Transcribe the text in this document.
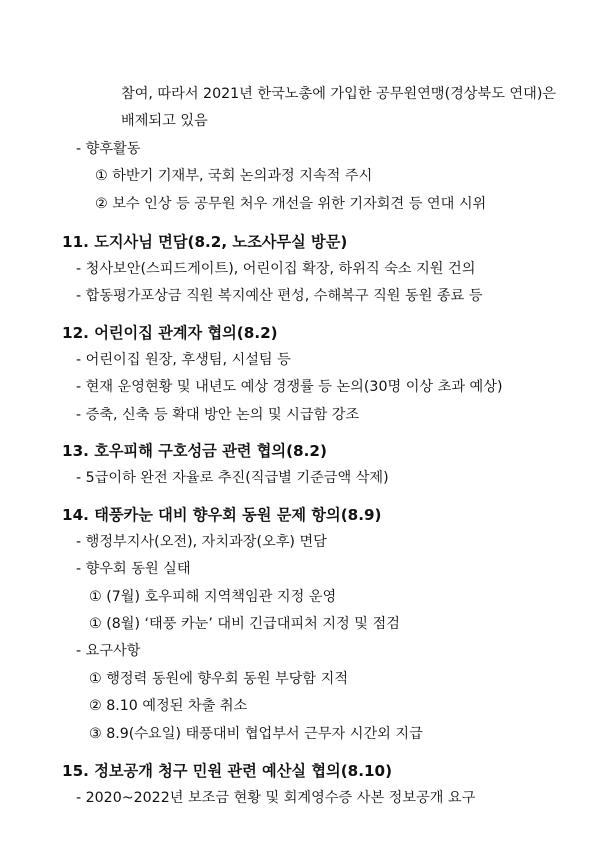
참여, 따라서 2021년 한국노총에 가입한 공무원연맹(경상북도 연대)은
배제되고 있음
- 향후활동
① 하반기 기재부, 국회 논의과정 지속적 주시
② 보수 인상 등 공무원 처우 개선을 위한 기자회견 등 연대 시위
11. 도지사님 면담(8.2, 노조사무실 방문)
- 청사보안(스피드게이트), 어린이집 확장, 하위직 숙소 지원 건의
- 합동평가포상금 직원 복지예산 편성, 수해복구 직원 동원 종료 등
12. 어린이집 관계자 협의(8.2)
- 어린이집 원장, 후생팀, 시설팀 등
- 현재 운영현황 및 내년도 예상 경쟁률 등 논의(30명 이상 초과 예상)
- 증축, 신축 등 확대 방안 논의 및 시급함 강조
13. 호우피해 구호성금 관련 협의(8.2)
- 5급이하 완전 자율로 추진(직급별 기준금액 삭제)
14. 태풍카눈 대비 향우회 동원 문제 항의(8.9)
- 행정부지사(오전), 자치과장(오후) 면담
- 향우회 동원 실태
① (7월) 호우피해 지역책임관 지정 운영
① (8월) ‘태풍 카눈’ 대비 긴급대피처 지정 및 점검
- 요구사항
① 행정력 동원에 향우회 동원 부당함 지적
② 8.10 예정된 차출 취소
③ 8.9(수요일) 태풍대비 협업부서 근무자 시간외 지급
15. 정보공개 청구 민원 관련 예산실 협의(8.10)
- 2020~2022년 보조금 현황 및 회계영수증 사본 정보공개 요구
